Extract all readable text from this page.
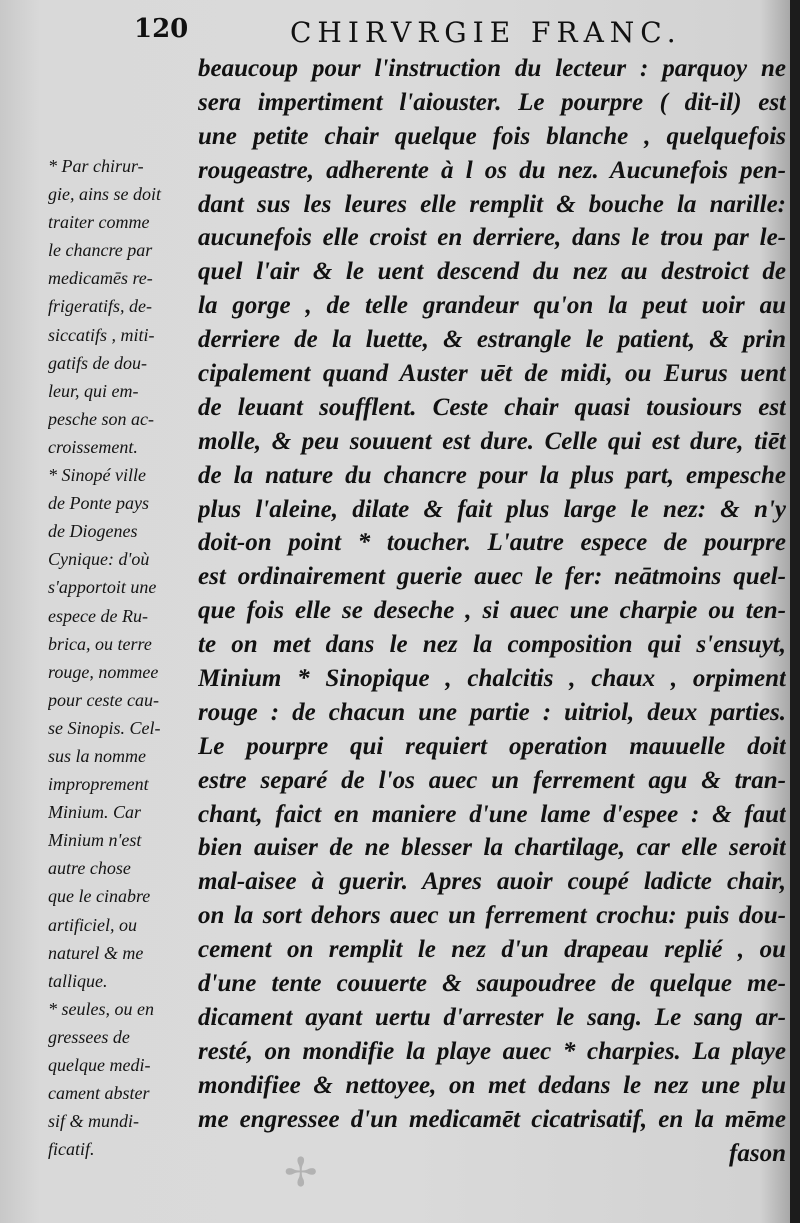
120	CHIRVRGIE FRANC.
* Par chirur-
gie, ains se doit
traiter comme
le chancre par
medicamēs re-
frigeratifs, de-
siccatifs , miti-
gatifs de dou-
leur, qui em-
pesche son ac-
croissement.
* Sinopé ville
de Ponte pays
de Diogenes
Cynique: d'où
s'apportoit une
espece de Ru-
brica, ou terre
rouge, nommee
pour ceste cau-
se Sinopis. Cel-
sus la nomme
improprement
Minium. Car
Minium n'est
autre chose
que le cinabre
artificiel, ou
naturel & me
tallique.
* seules, ou en
gressees de
quelque medi-
cament abster
sif & mundi-
ficatif.
beaucoup pour l'instruction du lecteur : parquoy ne
sera impertiment l'aiouster. Le pourpre ( dit-il) est
une petite chair quelque fois blanche , quelquefois
rougeastre, adherente à l os du nez. Aucunefois pen-
dant sus les leures elle remplit & bouche la narille:
aucunefois elle croist en derriere, dans le trou par le-
quel l'air & le uent descend du nez au destroict de
la gorge , de telle grandeur qu'on la peut uoir au
derriere de la luette, & estrangle le patient, & prin
cipalement quand Auster uēt de midi, ou Eurus uent
de leuant soufflent. Ceste chair quasi tousiours est
molle, & peu souuent est dure. Celle qui est dure, tiēt
de la nature du chancre pour la plus part, empesche
plus l'aleine, dilate & fait plus large le nez: & n'y
doit-on point * toucher. L'autre espece de pourpre
est ordinairement guerie auec le fer: neātmoins quel-
que fois elle se deseche , si auec une charpie ou ten-
te on met dans le nez la composition qui s'ensuyt,
Minium * Sinopique , chalcitis , chaux , orpiment
rouge : de chacun une partie : uitriol, deux parties.
Le pourpre qui requiert operation mauuelle doit
estre separé de l'os auec un ferrement agu & tran-
chant, faict en maniere d'une lame d'espee : & faut
bien auiser de ne blesser la chartilage, car elle seroit
mal-aisee à guerir. Apres auoir coupé ladicte chair,
on la sort dehors auec un ferrement crochu: puis dou-
cement on remplit le nez d'un drapeau replié , ou
d'une tente couuerte & saupoudree de quelque me-
dicament ayant uertu d'arrester le sang. Le sang ar-
resté, on mondifie la playe auec * charpies. La playe
mondifiee & nettoyee, on met dedans le nez une plu
me engressee d'un medicamēt cicatrisatif, en la mēme
fason
✢
